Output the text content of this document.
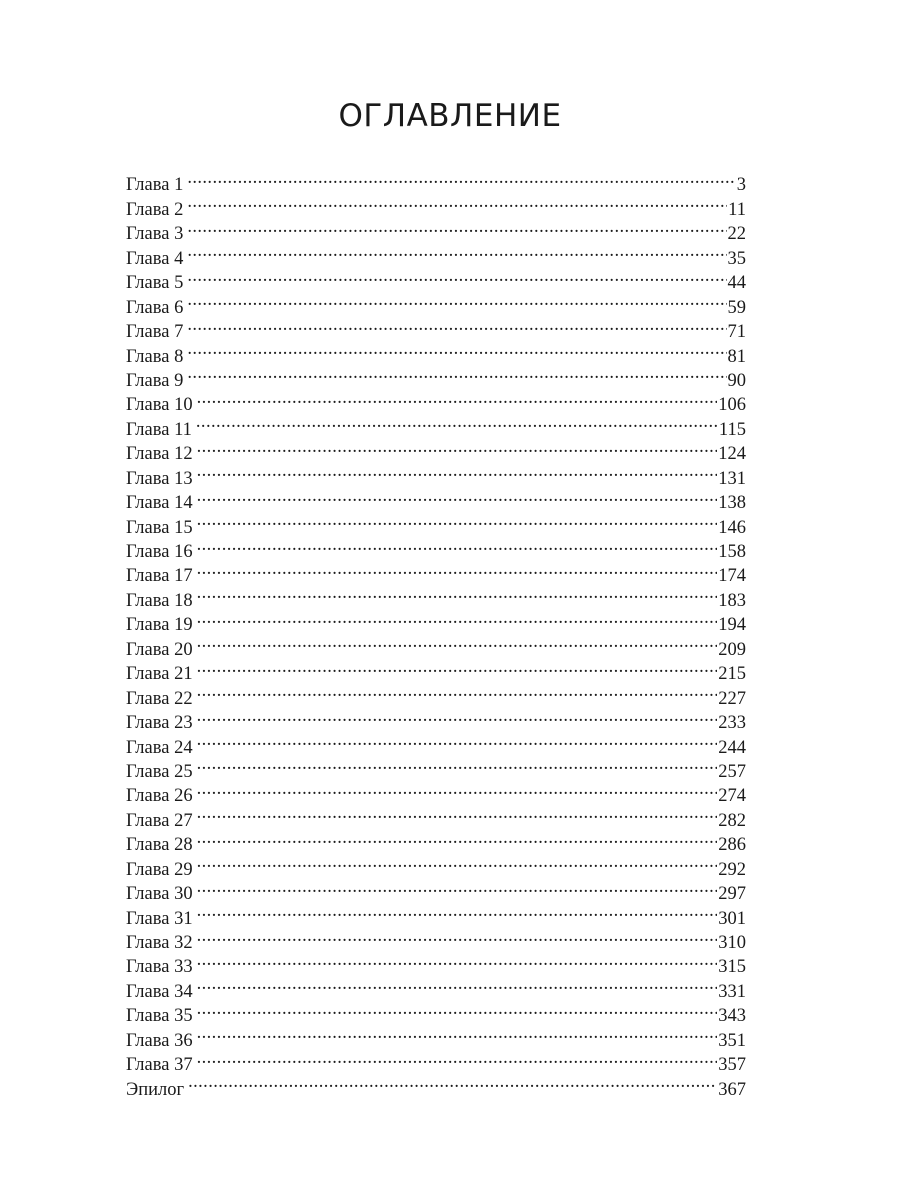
ОГЛАВЛЕНИЕ
Глава 1 .....	3
Глава 2 .....	11
Глава 3 .....	22
Глава 4 .....	35
Глава 5 .....	44
Глава 6 .....	59
Глава 7 .....	71
Глава 8 .....	81
Глава 9 .....	90
Глава 10 .....	106
Глава 11 .....	115
Глава 12 .....	124
Глава 13 .....	131
Глава 14 .....	138
Глава 15 .....	146
Глава 16 .....	158
Глава 17 .....	174
Глава 18 .....	183
Глава 19 .....	194
Глава 20 .....	209
Глава 21 .....	215
Глава 22 .....	227
Глава 23 .....	233
Глава 24 .....	244
Глава 25 .....	257
Глава 26 .....	274
Глава 27 .....	282
Глава 28 .....	286
Глава 29 .....	292
Глава 30 .....	297
Глава 31 .....	301
Глава 32 .....	310
Глава 33 .....	315
Глава 34 .....	331
Глава 35 .....	343
Глава 36 .....	351
Глава 37 .....	357
Эпилог .....	367
